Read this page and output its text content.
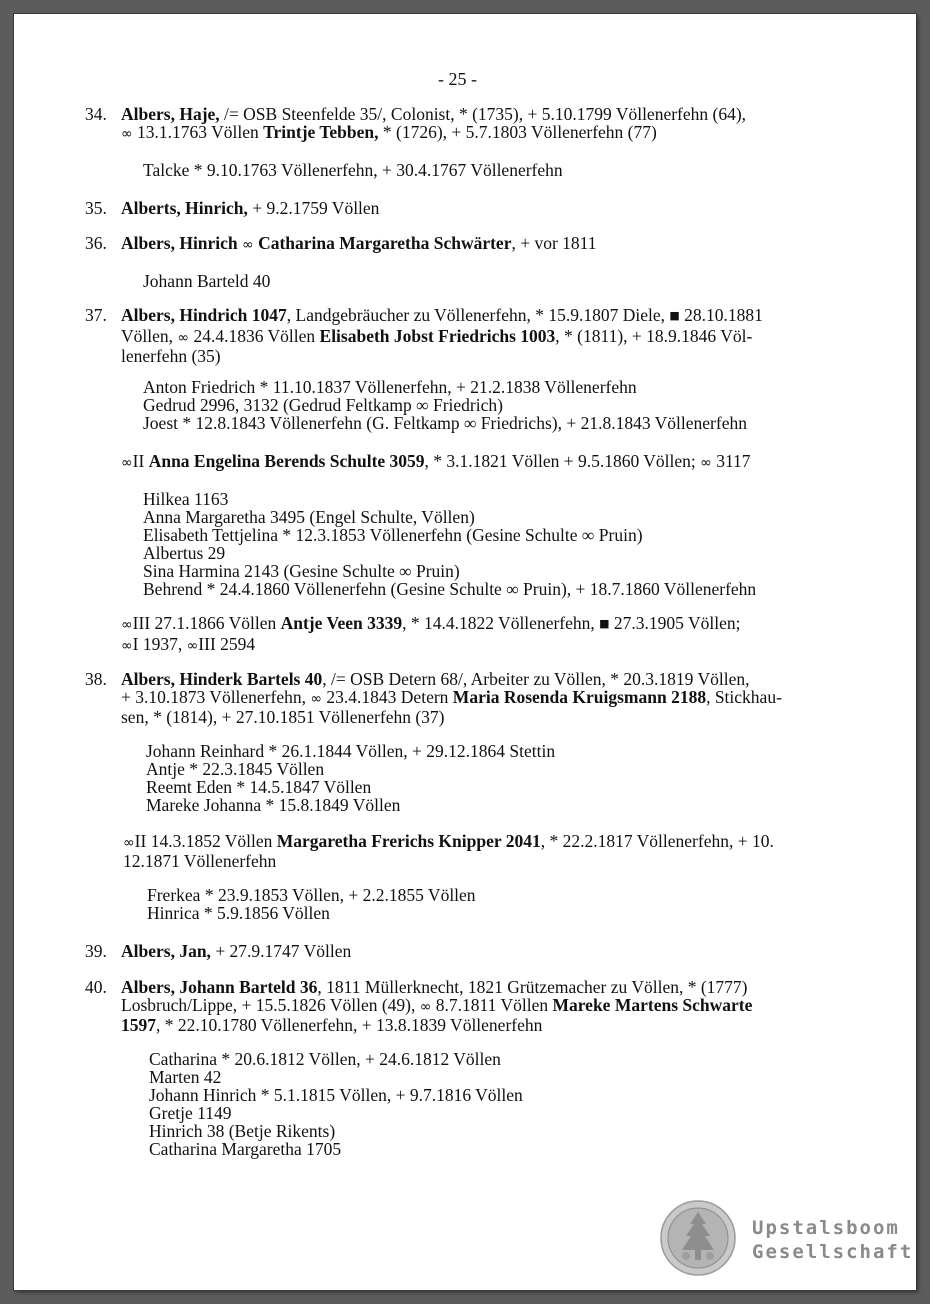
- 25 -
34. Albers, Haje, /= OSB Steenfelde 35/, Colonist, * (1735), + 5.10.1799 Völlenerfehn (64),
∞ 13.1.1763 Völlen Trintje Tebben, * (1726), + 5.7.1803 Völlenerfehn (77)
Talcke * 9.10.1763 Völlenerfehn, + 30.4.1767 Völlenerfehn
35. Alberts, Hinrich, + 9.2.1759 Völlen
36. Albers, Hinrich ∞ Catharina Margaretha Schwärter, + vor 1811
Johann Barteld 40
37. Albers, Hindrich 1047, Landgebräucher zu Völlenerfehn, * 15.9.1807 Diele, ■ 28.10.1881
Völlen, ∞ 24.4.1836 Völlen Elisabeth Jobst Friedrichs 1003, * (1811), + 18.9.1846 Völ-
lenerfehn (35)
Anton Friedrich * 11.10.1837 Völlenerfehn, + 21.2.1838 Völlenerfehn
Gedrud 2996, 3132 (Gedrud Feltkamp ∞ Friedrich)
Joest * 12.8.1843 Völlenerfehn (G. Feltkamp ∞ Friedrichs), + 21.8.1843 Völlenerfehn
∞II Anna Engelina Berends Schulte 3059, * 3.1.1821 Völlen + 9.5.1860 Völlen; ∞ 3117
Hilkea 1163
Anna Margaretha 3495 (Engel Schulte, Völlen)
Elisabeth Tettjelina * 12.3.1853 Völlenerfehn (Gesine Schulte ∞ Pruin)
Albertus 29
Sina Harmina 2143 (Gesine Schulte ∞ Pruin)
Behrend * 24.4.1860 Völlenerfehn (Gesine Schulte ∞ Pruin), + 18.7.1860 Völlenerfehn
∞III 27.1.1866 Völlen Antje Veen 3339, * 14.4.1822 Völlenerfehn, ■ 27.3.1905 Völlen;
∞I 1937, ∞III 2594
38. Albers, Hinderk Bartels 40, /= OSB Detern 68/, Arbeiter zu Völlen, * 20.3.1819 Völlen,
+ 3.10.1873 Völlenerfehn, ∞ 23.4.1843 Detern Maria Rosenda Kruigsmann 2188, Stickhau-
sen, * (1814), + 27.10.1851 Völlenerfehn (37)
Johann Reinhard * 26.1.1844 Völlen, + 29.12.1864 Stettin
Antje * 22.3.1845 Völlen
Reemt Eden * 14.5.1847 Völlen
Mareke Johanna * 15.8.1849 Völlen
∞II 14.3.1852 Völlen Margaretha Frerichs Knipper 2041, * 22.2.1817 Völlenerfehn, + 10.
12.1871 Völlenerfehn
Frerkea * 23.9.1853 Völlen, + 2.2.1855 Völlen
Hinrica * 5.9.1856 Völlen
39. Albers, Jan, + 27.9.1747 Völlen
40. Albers, Johann Barteld 36, 1811 Müllerknecht, 1821 Grützemacher zu Völlen, * (1777)
Losbruch/Lippe, + 15.5.1826 Völlen (49), ∞ 8.7.1811 Völlen Mareke Martens Schwarte
1597, * 22.10.1780 Völlenerfehn, + 13.8.1839 Völlenerfehn
Catharina * 20.6.1812 Völlen, + 24.6.1812 Völlen
Marten 42
Johann Hinrich * 5.1.1815 Völlen, + 9.7.1816 Völlen
Gretje 1149
Hinrich 38 (Betje Rikents)
Catharina Margaretha 1705
Upstalsboom
Gesellschaft
